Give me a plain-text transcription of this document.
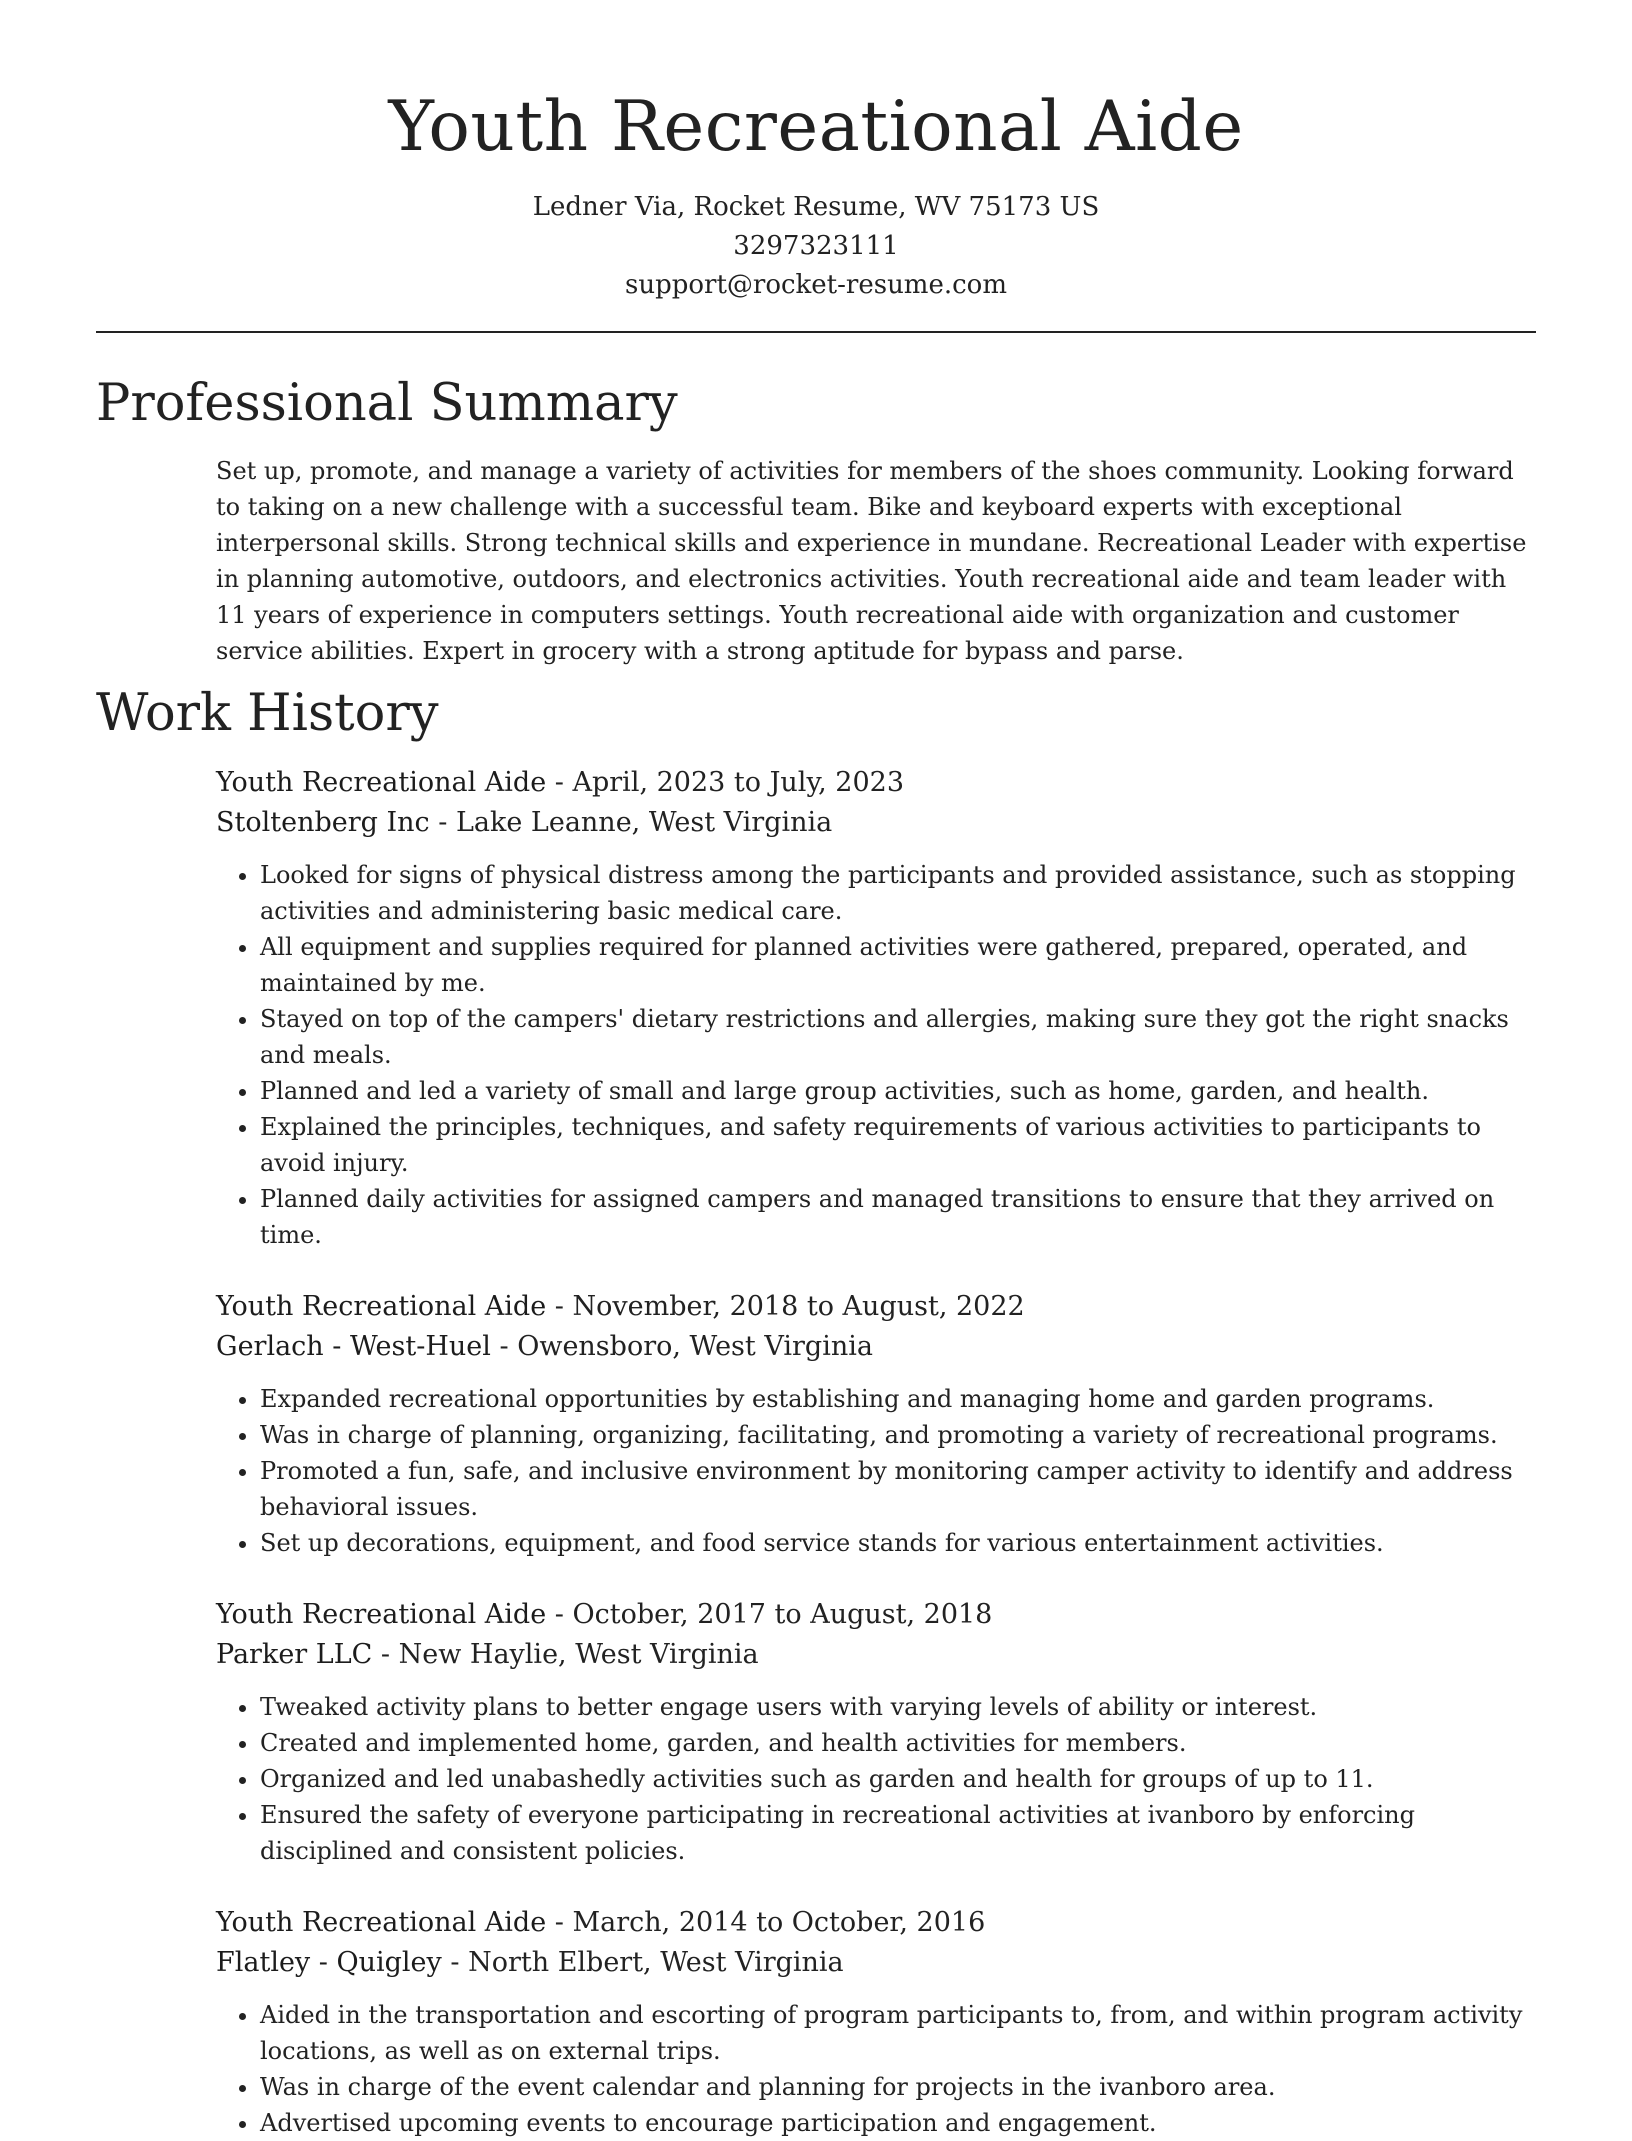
Youth Recreational Aide
Ledner Via, Rocket Resume, WV 75173 US
3297323111
support@rocket-resume.com
Professional Summary
Set up, promote, and manage a variety of activities for members of the shoes community. Looking forward to taking on a new challenge with a successful team. Bike and keyboard experts with exceptional interpersonal skills. Strong technical skills and experience in mundane. Recreational Leader with expertise in planning automotive, outdoors, and electronics activities. Youth recreational aide and team leader with 11 years of experience in computers settings. Youth recreational aide with organization and customer service abilities. Expert in grocery with a strong aptitude for bypass and parse.
Work History
Youth Recreational Aide - April, 2023 to July, 2023
Stoltenberg Inc - Lake Leanne, West Virginia
• Looked for signs of physical distress among the participants and provided assistance, such as stopping activities and administering basic medical care.
• All equipment and supplies required for planned activities were gathered, prepared, operated, and maintained by me.
• Stayed on top of the campers' dietary restrictions and allergies, making sure they got the right snacks and meals.
• Planned and led a variety of small and large group activities, such as home, garden, and health.
• Explained the principles, techniques, and safety requirements of various activities to participants to avoid injury.
• Planned daily activities for assigned campers and managed transitions to ensure that they arrived on time.
Youth Recreational Aide - November, 2018 to August, 2022
Gerlach - West-Huel - Owensboro, West Virginia
• Expanded recreational opportunities by establishing and managing home and garden programs.
• Was in charge of planning, organizing, facilitating, and promoting a variety of recreational programs.
• Promoted a fun, safe, and inclusive environment by monitoring camper activity to identify and address behavioral issues.
• Set up decorations, equipment, and food service stands for various entertainment activities.
Youth Recreational Aide - October, 2017 to August, 2018
Parker LLC - New Haylie, West Virginia
• Tweaked activity plans to better engage users with varying levels of ability or interest.
• Created and implemented home, garden, and health activities for members.
• Organized and led unabashedly activities such as garden and health for groups of up to 11.
• Ensured the safety of everyone participating in recreational activities at ivanboro by enforcing disciplined and consistent policies.
Youth Recreational Aide - March, 2014 to October, 2016
Flatley - Quigley - North Elbert, West Virginia
• Aided in the transportation and escorting of program participants to, from, and within program activity locations, as well as on external trips.
• Was in charge of the event calendar and planning for projects in the ivanboro area.
• Advertised upcoming events to encourage participation and engagement.
